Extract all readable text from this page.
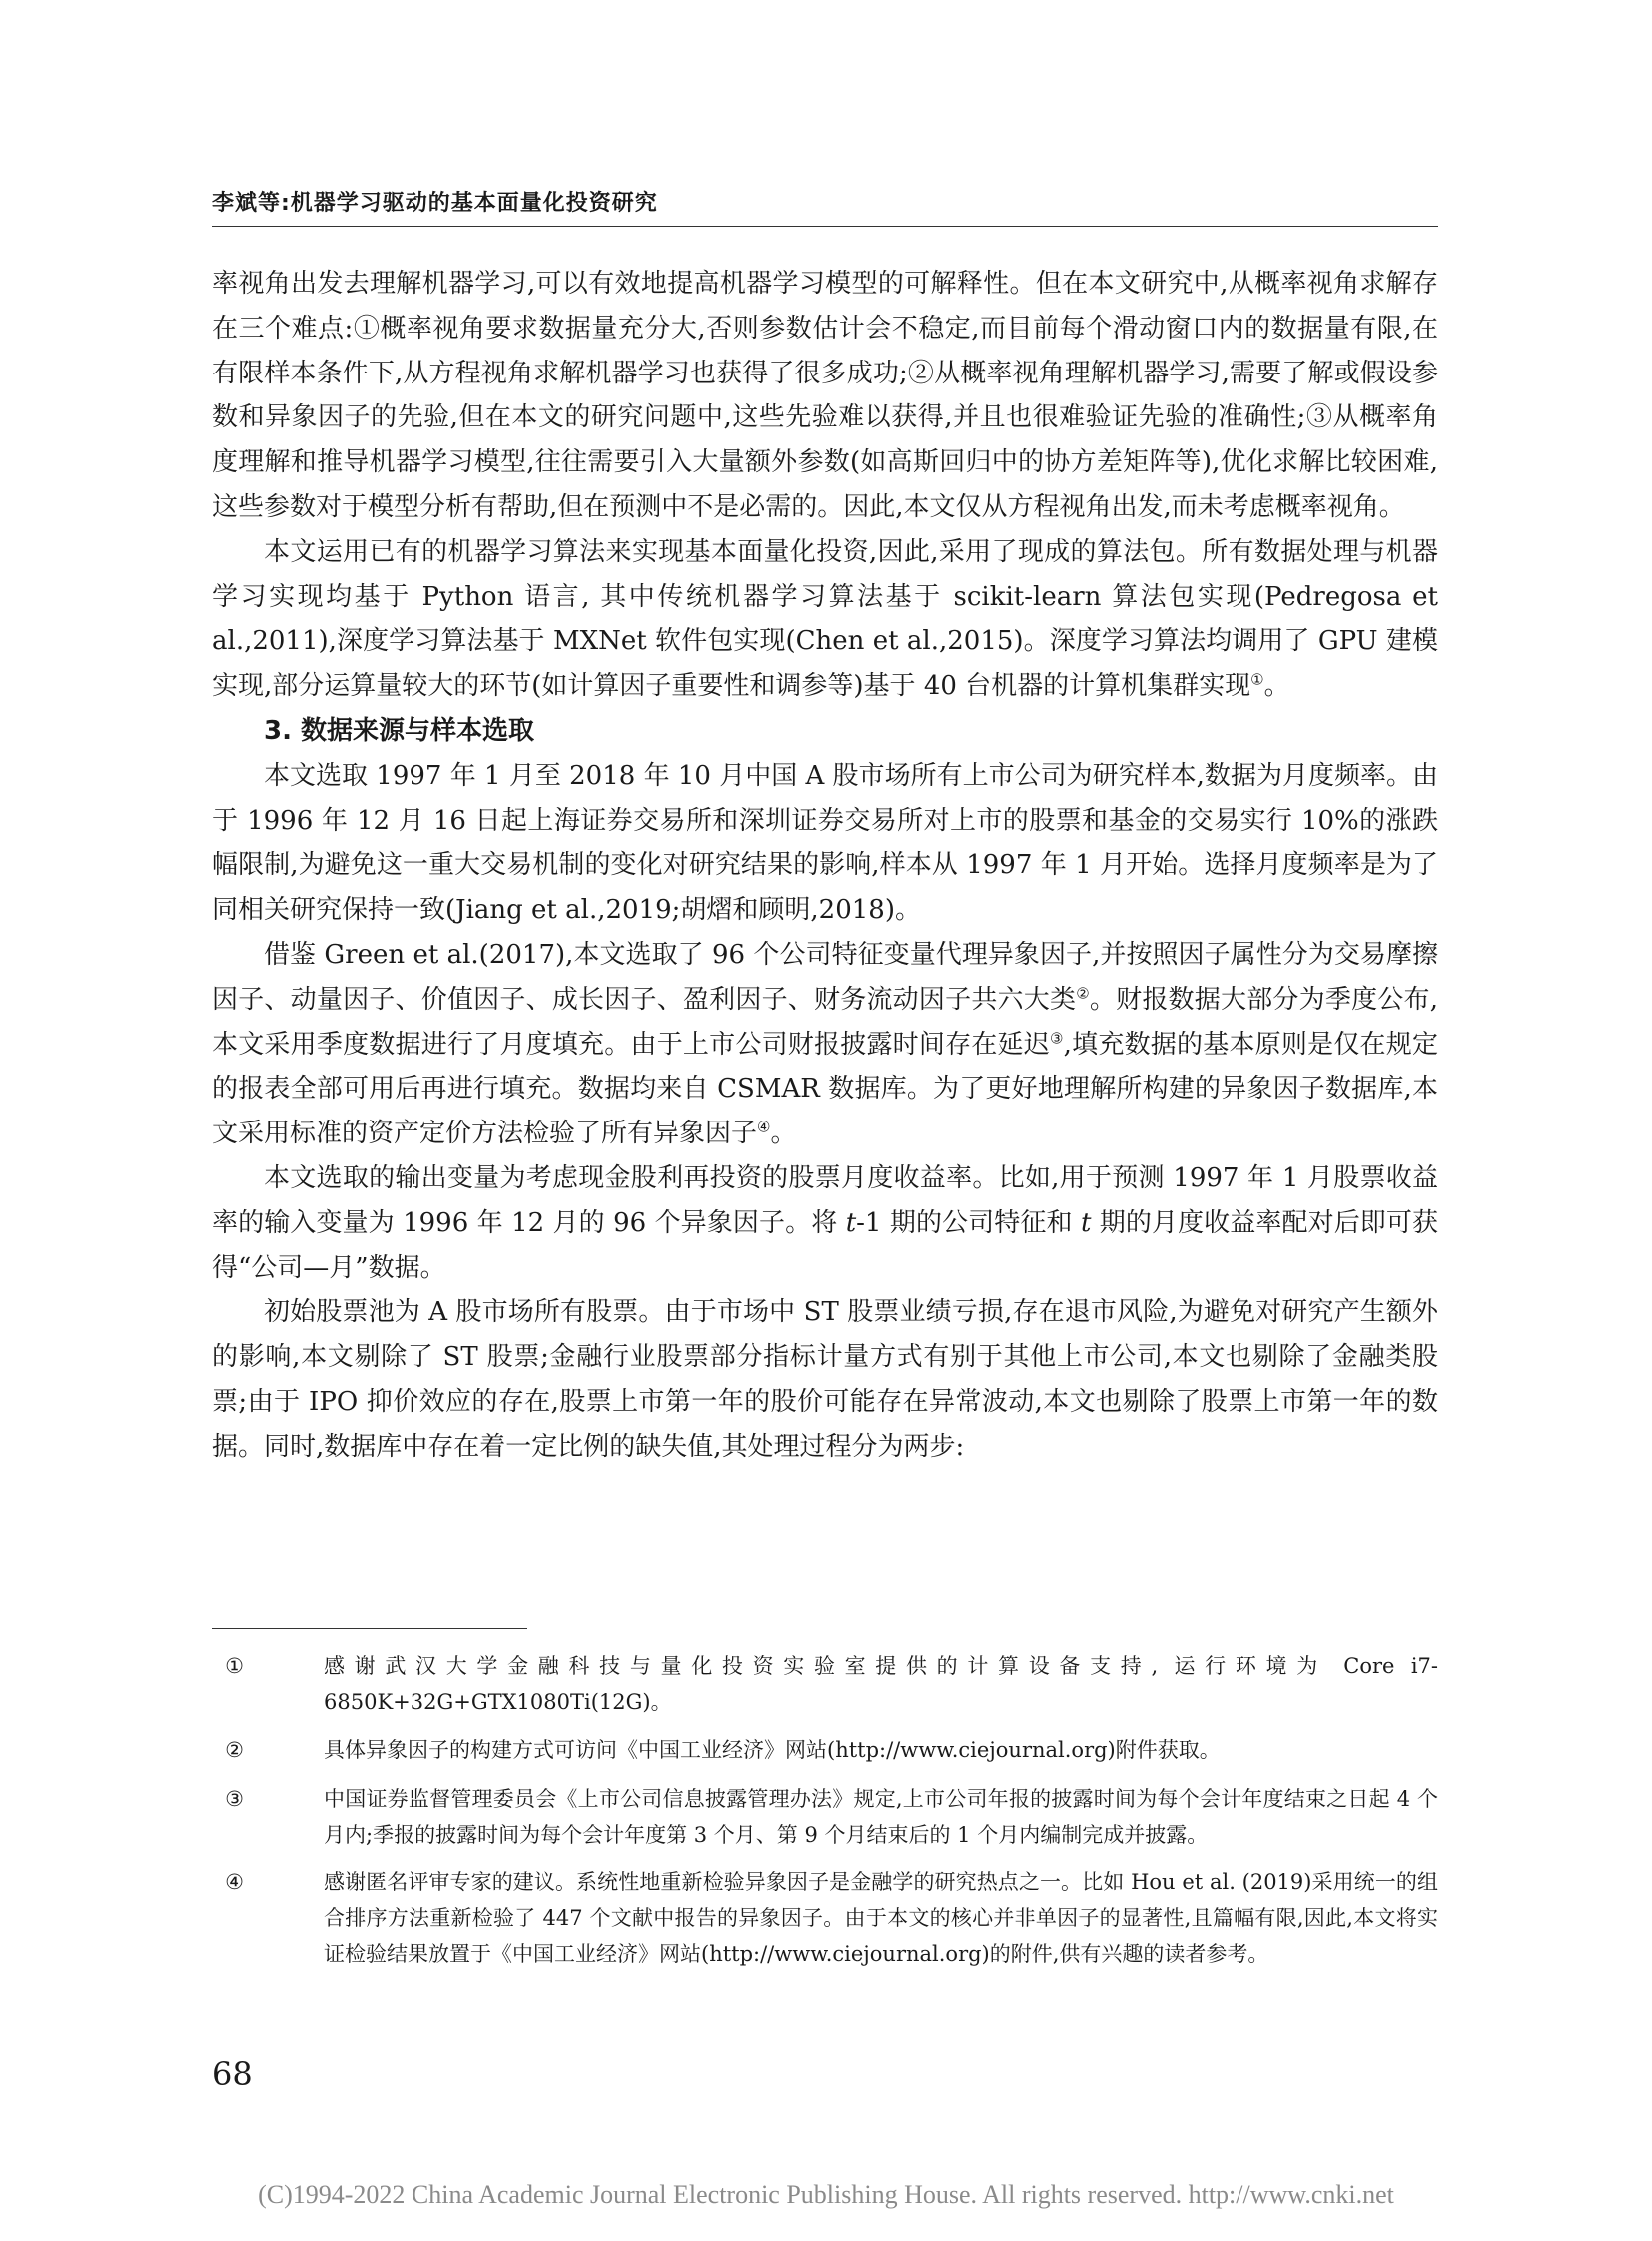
李斌等:机器学习驱动的基本面量化投资研究

率视角出发去理解机器学习,可以有效地提高机器学习模型的可解释性。但在本文研究中,从概率视角求解存在三个难点:①概率视角要求数据量充分大,否则参数估计会不稳定,而目前每个滑动窗口内的数据量有限,在有限样本条件下,从方程视角求解机器学习也获得了很多成功;②从概率视角理解机器学习,需要了解或假设参数和异象因子的先验,但在本文的研究问题中,这些先验难以获得,并且也很难验证先验的准确性;③从概率角度理解和推导机器学习模型,往往需要引入大量额外参数(如高斯回归中的协方差矩阵等),优化求解比较困难,这些参数对于模型分析有帮助,但在预测中不是必需的。因此,本文仅从方程视角出发,而未考虑概率视角。

本文运用已有的机器学习算法来实现基本面量化投资,因此,采用了现成的算法包。所有数据处理与机器学习实现均基于 Python 语言, 其中传统机器学习算法基于 scikit-learn 算法包实现(Pedregosa et al.,2011),深度学习算法基于 MXNet 软件包实现(Chen et al.,2015)。深度学习算法均调用了 GPU 建模实现,部分运算量较大的环节(如计算因子重要性和调参等)基于 40 台机器的计算机集群实现①。

3. 数据来源与样本选取

本文选取 1997 年 1 月至 2018 年 10 月中国 A 股市场所有上市公司为研究样本,数据为月度频率。由于 1996 年 12 月 16 日起上海证券交易所和深圳证券交易所对上市的股票和基金的交易实行 10%的涨跌幅限制,为避免这一重大交易机制的变化对研究结果的影响,样本从 1997 年 1 月开始。选择月度频率是为了同相关研究保持一致(Jiang et al.,2019;胡熠和顾明,2018)。

借鉴 Green et al.(2017),本文选取了 96 个公司特征变量代理异象因子,并按照因子属性分为交易摩擦因子、动量因子、价值因子、成长因子、盈利因子、财务流动因子共六大类②。财报数据大部分为季度公布,本文采用季度数据进行了月度填充。由于上市公司财报披露时间存在延迟③,填充数据的基本原则是仅在规定的报表全部可用后再进行填充。数据均来自 CSMAR 数据库。为了更好地理解所构建的异象因子数据库,本文采用标准的资产定价方法检验了所有异象因子④。

本文选取的输出变量为考虑现金股利再投资的股票月度收益率。比如,用于预测 1997 年 1 月股票收益率的输入变量为 1996 年 12 月的 96 个异象因子。将 t-1 期的公司特征和 t 期的月度收益率配对后即可获得“公司—月”数据。

初始股票池为 A 股市场所有股票。由于市场中 ST 股票业绩亏损,存在退市风险,为避免对研究产生额外的影响,本文剔除了 ST 股票;金融行业股票部分指标计量方式有别于其他上市公司,本文也剔除了金融类股票;由于 IPO 抑价效应的存在,股票上市第一年的股价可能存在异常波动,本文也剔除了股票上市第一年的数据。同时,数据库中存在着一定比例的缺失值,其处理过程分为两步:

①	感谢武汉大学金融科技与量化投资实验室提供的计算设备支持, 运行环境为 Core i7-6850K+32G+GTX1080Ti(12G)。

②	具体异象因子的构建方式可访问《中国工业经济》网站(http://www.ciejournal.org)附件获取。

③	中国证券监督管理委员会《上市公司信息披露管理办法》规定,上市公司年报的披露时间为每个会计年度结束之日起 4 个月内;季报的披露时间为每个会计年度第 3 个月、第 9 个月结束后的 1 个月内编制完成并披露。

④	感谢匿名评审专家的建议。系统性地重新检验异象因子是金融学的研究热点之一。比如 Hou et al. (2019)采用统一的组合排序方法重新检验了 447 个文献中报告的异象因子。由于本文的核心并非单因子的显著性,且篇幅有限,因此,本文将实证检验结果放置于《中国工业经济》网站(http://www.ciejournal.org)的附件,供有兴趣的读者参考。

68
(C)1994-2022 China Academic Journal Electronic Publishing House. All rights reserved. http://www.cnki.net
